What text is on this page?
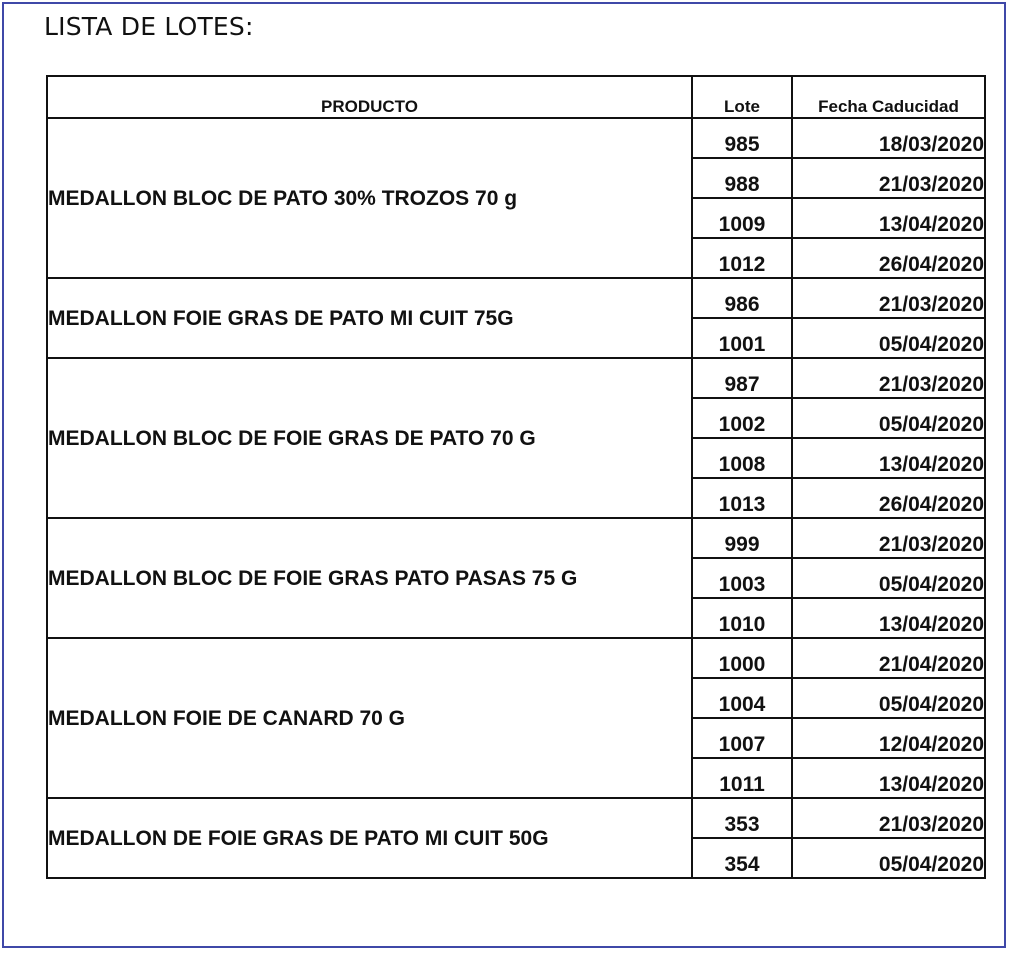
LISTA DE LOTES:
PRODUCTO	Lote	Fecha Caducidad
MEDALLON BLOC DE PATO 30% TROZOS 70 g	985	18/03/2020
	988	21/03/2020
	1009	13/04/2020
	1012	26/04/2020
MEDALLON FOIE GRAS DE PATO MI CUIT 75G	986	21/03/2020
	1001	05/04/2020
MEDALLON BLOC DE FOIE GRAS DE PATO 70 G	987	21/03/2020
	1002	05/04/2020
	1008	13/04/2020
	1013	26/04/2020
MEDALLON BLOC DE FOIE GRAS PATO PASAS 75 G	999	21/03/2020
	1003	05/04/2020
	1010	13/04/2020
MEDALLON FOIE DE CANARD 70 G	1000	21/04/2020
	1004	05/04/2020
	1007	12/04/2020
	1011	13/04/2020
MEDALLON DE FOIE GRAS DE PATO MI CUIT 50G	353	21/03/2020
	354	05/04/2020
